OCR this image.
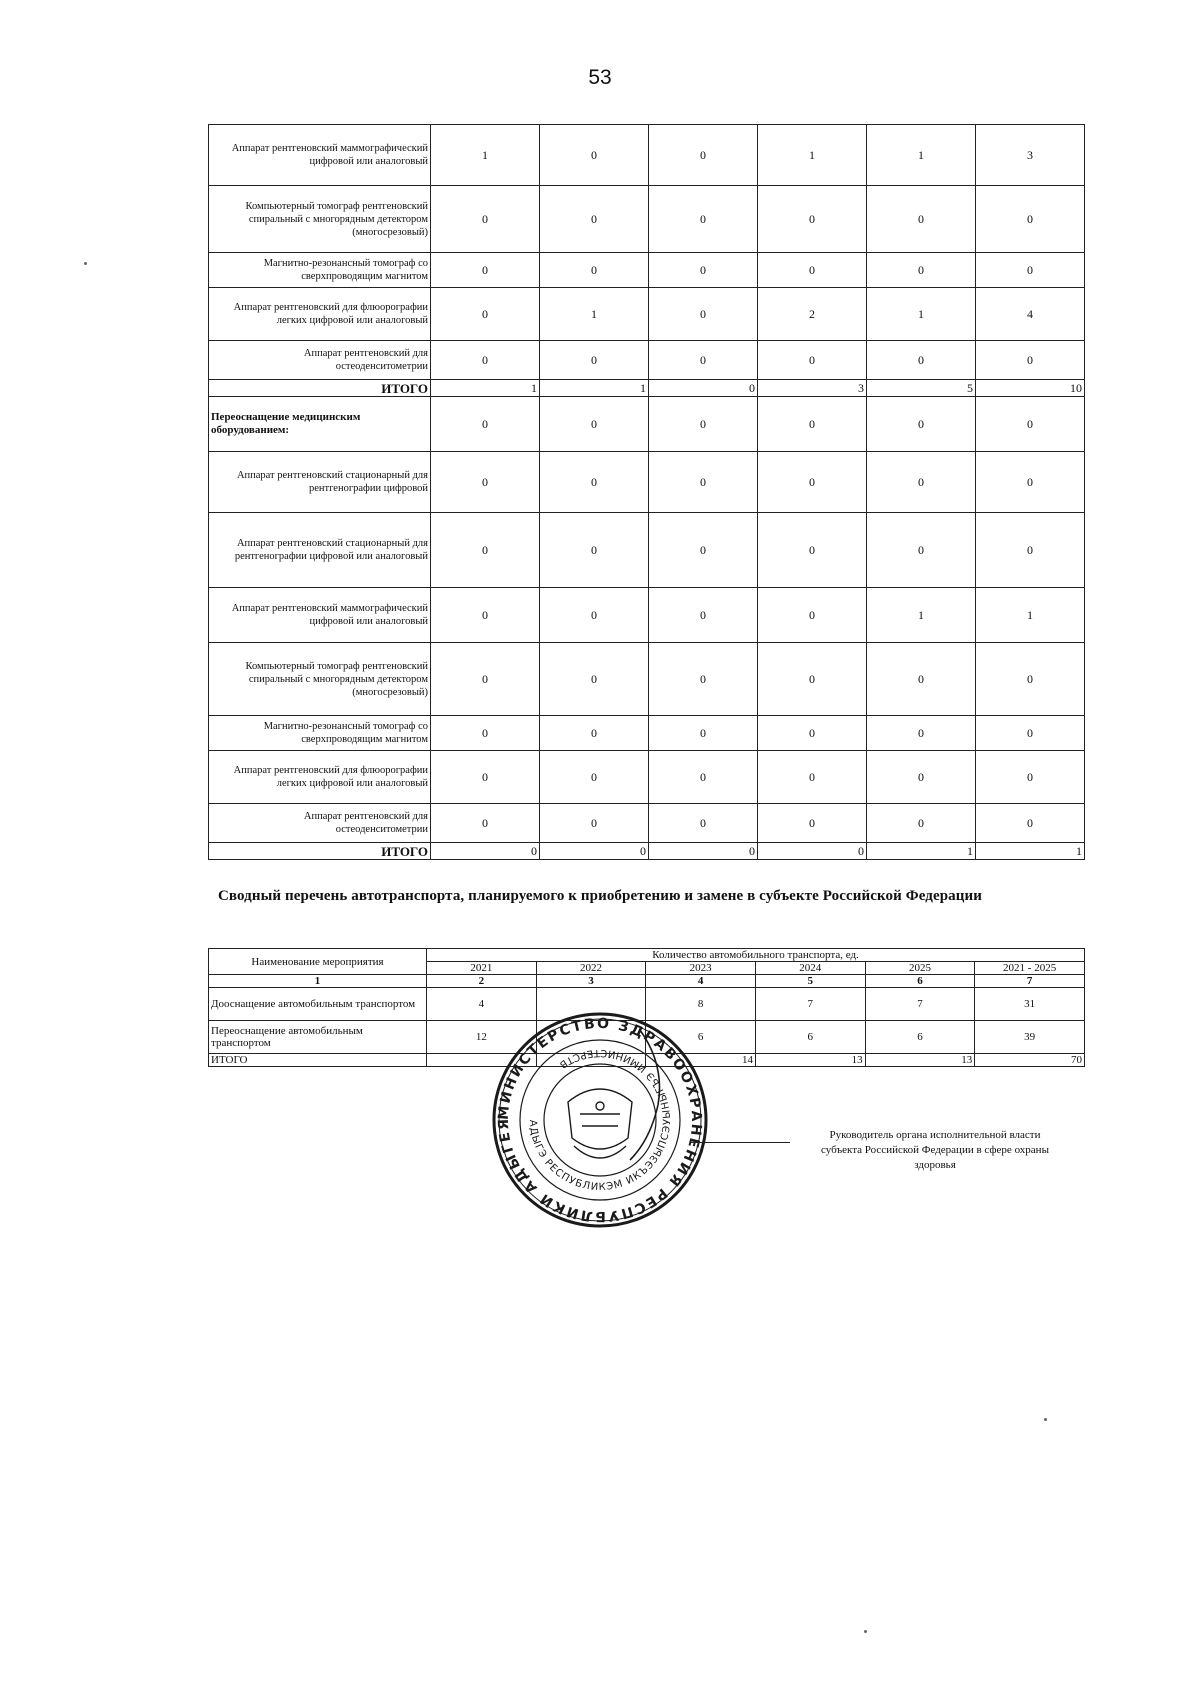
53
Аппарат рентгеновский маммографический цифровой или аналоговый	1	0	0	1	1	3
Компьютерный томограф рентгеновский спиральный с многорядным детектором (многосрезовый)	0	0	0	0	0	0
Магнитно-резонансный томограф со сверхпроводящим магнитом	0	0	0	0	0	0
Аппарат рентгеновский для флюорографии легких цифровой или аналоговый	0	1	0	2	1	4
Аппарат рентгеновский для остеоденситометрии	0	0	0	0	0	0
ИТОГО	1	1	0	3	5	10
Переоснащение медицинским оборудованием:	0	0	0	0	0	0
Аппарат рентгеновский стационарный для рентгенографии цифровой	0	0	0	0	0	0
Аппарат рентгеновский стационарный для рентгенографии цифровой или аналоговый	0	0	0	0	0	0
Аппарат рентгеновский маммографический цифровой или аналоговый	0	0	0	0	1	1
Компьютерный томограф рентгеновский спиральный с многорядным детектором (многосрезовый)	0	0	0	0	0	0
Магнитно-резонансный томограф со сверхпроводящим магнитом	0	0	0	0	0	0
Аппарат рентгеновский для флюорографии легких цифровой или аналоговый	0	0	0	0	0	0
Аппарат рентгеновский для остеоденситометрии	0	0	0	0	0	0
ИТОГО	0	0	0	0	1	1
Сводный перечень автотранспорта, планируемого к приобретению и замене в субъекте Российской Федерации
Наименование мероприятия	Количество автомобильного транспорта, ед.					
	2021	2022	2023	2024	2025	2021 - 2025
1	2	3	4	5	6	7
Дооснащение автомобильным транспортом	4		8	7	7	31
Переоснащение автомобильным транспортом	12		6	6	6	39
ИТОГО			14	13	13	70
МИНИСТЕРСТВО ЗДРАВООХРАНЕНИЯ РЕСПУБЛИКИ АДЫГЕЯ	АДЫГЭ РЕСПУБЛИКЭМ ИКЪЭЗЫПСЭУЫНЫГЪЭ ИМИНИСТЕРСТВ
Руководитель органа исполнительной власти
субъекта Российской Федерации в сфере охраны
здоровья
